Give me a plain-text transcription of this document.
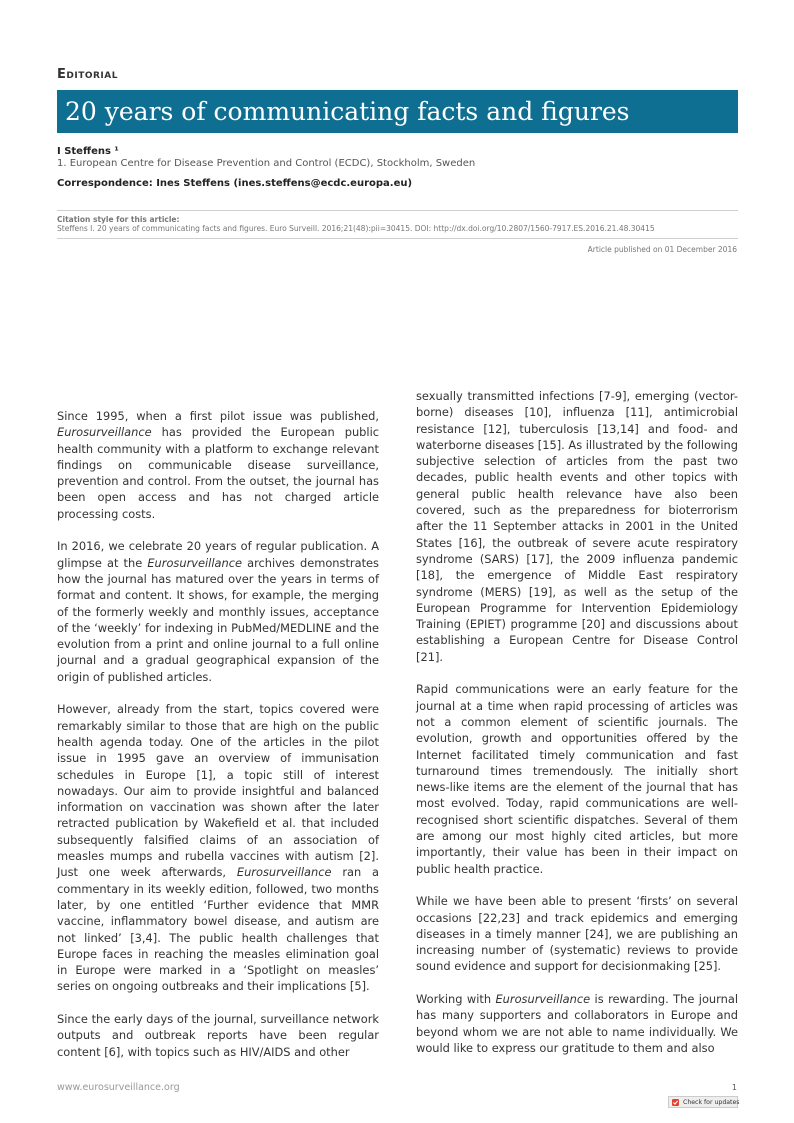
Editorial
20 years of communicating facts and figures
I Steffens ¹
1. European Centre for Disease Prevention and Control (ECDC), Stockholm, Sweden
Correspondence: Ines Steffens (ines.steffens@ecdc.europa.eu)
Citation style for this article:
Steffens I. 20 years of communicating facts and figures. Euro Surveill. 2016;21(48):pii=30415. DOI: http://dx.doi.org/10.2807/1560-7917.ES.2016.21.48.30415
Article published on 01 December 2016

Since 1995, when a first pilot issue was published, Eurosurveillance has provided the European public health community with a platform to exchange relevant findings on communicable disease surveillance, prevention and control. From the outset, the journal has been open access and has not charged article processing costs.

In 2016, we celebrate 20 years of regular publication. A glimpse at the Eurosurveillance archives demonstrates how the journal has matured over the years in terms of format and content. It shows, for example, the merging of the formerly weekly and monthly issues, acceptance of the ‘weekly’ for indexing in PubMed/MEDLINE and the evolution from a print and online journal to a full online journal and a gradual geographical expansion of the origin of published articles.

However, already from the start, topics covered were remarkably similar to those that are high on the public health agenda today. One of the articles in the pilot issue in 1995 gave an overview of immunisation schedules in Europe [1], a topic still of interest nowadays. Our aim to provide insightful and balanced information on vaccination was shown after the later retracted publication by Wakefield et al. that included subsequently falsified claims of an association of measles mumps and rubella vaccines with autism [2]. Just one week afterwards, Eurosurveillance ran a commentary in its weekly edition, followed, two months later, by one entitled ‘Further evidence that MMR vaccine, inflammatory bowel disease, and autism are not linked’ [3,4]. The public health challenges that Europe faces in reaching the measles elimination goal in Europe were marked in a ‘Spotlight on measles’ series on ongoing outbreaks and their implications [5].

Since the early days of the journal, surveillance network outputs and outbreak reports have been regular content [6], with topics such as HIV/AIDS and other

sexually transmitted infections [7-9], emerging (vector-borne) diseases [10], influenza [11], antimicrobial resistance [12], tuberculosis [13,14] and food- and waterborne diseases [15]. As illustrated by the following subjective selection of articles from the past two decades, public health events and other topics with general public health relevance have also been covered, such as the preparedness for bioterrorism after the 11 September attacks in 2001 in the United States [16], the outbreak of severe acute respiratory syndrome (SARS) [17], the 2009 influenza pandemic [18], the emergence of Middle East respiratory syndrome (MERS) [19], as well as the setup of the European Programme for Intervention Epidemiology Training (EPIET) programme [20] and discussions about establishing a European Centre for Disease Control [21].

Rapid communications were an early feature for the journal at a time when rapid processing of articles was not a common element of scientific journals. The evolution, growth and opportunities offered by the Internet facilitated timely communication and fast turnaround times tremendously. The initially short news-like items are the element of the journal that has most evolved. Today, rapid communications are well-recognised short scientific dispatches. Several of them are among our most highly cited articles, but more importantly, their value has been in their impact on public health practice.

While we have been able to present ‘firsts’ on several occasions [22,23] and track epidemics and emerging diseases in a timely manner [24], we are publishing an increasing number of (systematic) reviews to provide sound evidence and support for decisionmaking [25].

Working with Eurosurveillance is rewarding. The journal has many supporters and collaborators in Europe and beyond whom we are not able to name individually. We would like to express our gratitude to them and also

www.eurosurveillance.org	1
Check for updates
